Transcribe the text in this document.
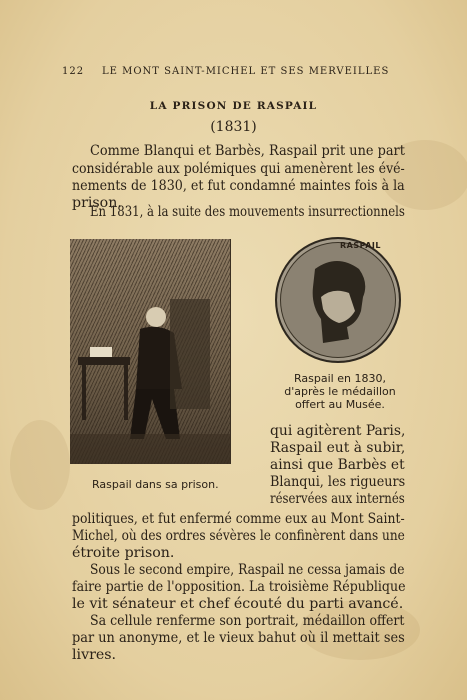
122 LE MONT SAINT-MICHEL ET SES MERVEILLES
LA PRISON DE RASPAIL
(1831)
Comme Blanqui et Barbès, Raspail prit une part
considérable aux polémiques qui amenèrent les évé-
nements de 1830, et fut condamné maintes fois à la
prison.
En 1831, à la suite des mouvements insurrectionnels
Raspail dans sa prison.
RASPAIL
Raspail en 1830,
d'après le médaillon
offert au Musée.
qui agitèrent Paris,
Raspail eut à subir,
ainsi que Barbès et
Blanqui, les rigueurs
réservées aux internés
politiques, et fut enfermé comme eux au Mont Saint-
Michel, où des ordres sévères le confinèrent dans une
étroite prison.
Sous le second empire, Raspail ne cessa jamais de
faire partie de l'opposition. La troisième République
le vit sénateur et chef écouté du parti avancé.
Sa cellule renferme son portrait, médaillon offert
par un anonyme, et le vieux bahut où il mettait ses
livres.
